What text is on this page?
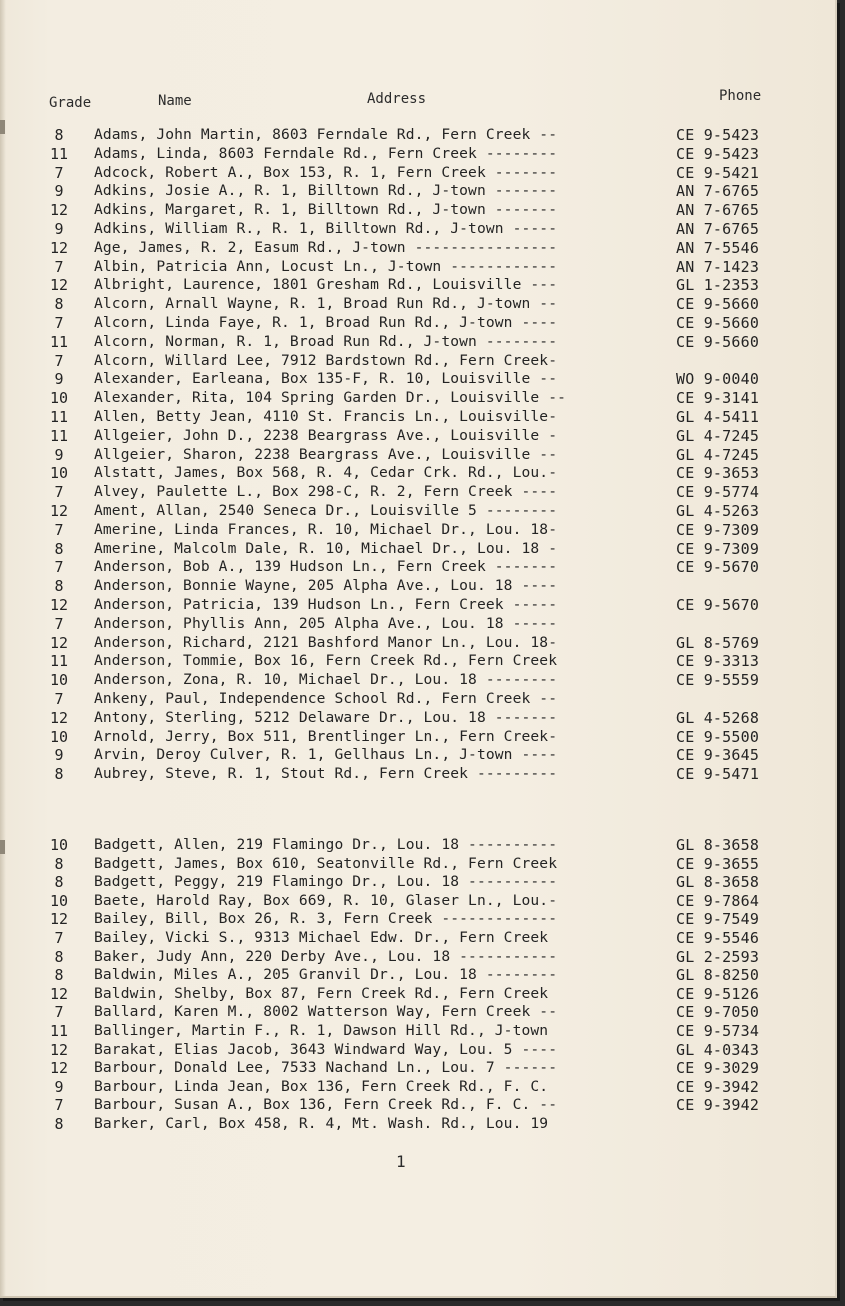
Grade	Name	Address	Phone
8	Adams, John Martin, 8603 Ferndale Rd., Fern Creek --	CE 9-5423
11	Adams, Linda, 8603 Ferndale Rd., Fern Creek --------	CE 9-5423
7	Adcock, Robert A., Box 153, R. 1, Fern Creek -------	CE 9-5421
9	Adkins, Josie A., R. 1, Billtown Rd., J-town -------	AN 7-6765
12	Adkins, Margaret, R. 1, Billtown Rd., J-town -------	AN 7-6765
9	Adkins, William R., R. 1, Billtown Rd., J-town -----	AN 7-6765
12	Age, James, R. 2, Easum Rd., J-town ----------------	AN 7-5546
7	Albin, Patricia Ann, Locust Ln., J-town ------------	AN 7-1423
12	Albright, Laurence, 1801 Gresham Rd., Louisville ---	GL 1-2353
8	Alcorn, Arnall Wayne, R. 1, Broad Run Rd., J-town --	CE 9-5660
7	Alcorn, Linda Faye, R. 1, Broad Run Rd., J-town ----	CE 9-5660
11	Alcorn, Norman, R. 1, Broad Run Rd., J-town --------	CE 9-5660
7	Alcorn, Willard Lee, 7912 Bardstown Rd., Fern Creek-
9	Alexander, Earleana, Box 135-F, R. 10, Louisville --	WO 9-0040
10	Alexander, Rita, 104 Spring Garden Dr., Louisville --	CE 9-3141
11	Allen, Betty Jean, 4110 St. Francis Ln., Louisville-	GL 4-5411
11	Allgeier, John D., 2238 Beargrass Ave., Louisville -	GL 4-7245
9	Allgeier, Sharon, 2238 Beargrass Ave., Louisville --	GL 4-7245
10	Alstatt, James, Box 568, R. 4, Cedar Crk. Rd., Lou.-	CE 9-3653
7	Alvey, Paulette L., Box 298-C, R. 2, Fern Creek ----	CE 9-5774
12	Ament, Allan, 2540 Seneca Dr., Louisville 5 --------	GL 4-5263
7	Amerine, Linda Frances, R. 10, Michael Dr., Lou. 18-	CE 9-7309
8	Amerine, Malcolm Dale, R. 10, Michael Dr., Lou. 18 -	CE 9-7309
7	Anderson, Bob A., 139 Hudson Ln., Fern Creek -------	CE 9-5670
8	Anderson, Bonnie Wayne, 205 Alpha Ave., Lou. 18 ----
12	Anderson, Patricia, 139 Hudson Ln., Fern Creek -----	CE 9-5670
7	Anderson, Phyllis Ann, 205 Alpha Ave., Lou. 18 -----
12	Anderson, Richard, 2121 Bashford Manor Ln., Lou. 18-	GL 8-5769
11	Anderson, Tommie, Box 16, Fern Creek Rd., Fern Creek	CE 9-3313
10	Anderson, Zona, R. 10, Michael Dr., Lou. 18 --------	CE 9-5559
7	Ankeny, Paul, Independence School Rd., Fern Creek --
12	Antony, Sterling, 5212 Delaware Dr., Lou. 18 -------	GL 4-5268
10	Arnold, Jerry, Box 511, Brentlinger Ln., Fern Creek-	CE 9-5500
9	Arvin, Deroy Culver, R. 1, Gellhaus Ln., J-town ----	CE 9-3645
8	Aubrey, Steve, R. 1, Stout Rd., Fern Creek ---------	CE 9-5471
10	Badgett, Allen, 219 Flamingo Dr., Lou. 18 ----------	GL 8-3658
8	Badgett, James, Box 610, Seatonville Rd., Fern Creek	CE 9-3655
8	Badgett, Peggy, 219 Flamingo Dr., Lou. 18 ----------	GL 8-3658
10	Baete, Harold Ray, Box 669, R. 10, Glaser Ln., Lou.-	CE 9-7864
12	Bailey, Bill, Box 26, R. 3, Fern Creek -------------	CE 9-7549
7	Bailey, Vicki S., 9313 Michael Edw. Dr., Fern Creek	CE 9-5546
8	Baker, Judy Ann, 220 Derby Ave., Lou. 18 -----------	GL 2-2593
8	Baldwin, Miles A., 205 Granvil Dr., Lou. 18 --------	GL 8-8250
12	Baldwin, Shelby, Box 87, Fern Creek Rd., Fern Creek	CE 9-5126
7	Ballard, Karen M., 8002 Watterson Way, Fern Creek --	CE 9-7050
11	Ballinger, Martin F., R. 1, Dawson Hill Rd., J-town	CE 9-5734
12	Barakat, Elias Jacob, 3643 Windward Way, Lou. 5 ----	GL 4-0343
12	Barbour, Donald Lee, 7533 Nachand Ln., Lou. 7 ------	CE 9-3029
9	Barbour, Linda Jean, Box 136, Fern Creek Rd., F. C.	CE 9-3942
7	Barbour, Susan A., Box 136, Fern Creek Rd., F. C. --	CE 9-3942
8	Barker, Carl, Box 458, R. 4, Mt. Wash. Rd., Lou. 19
1
